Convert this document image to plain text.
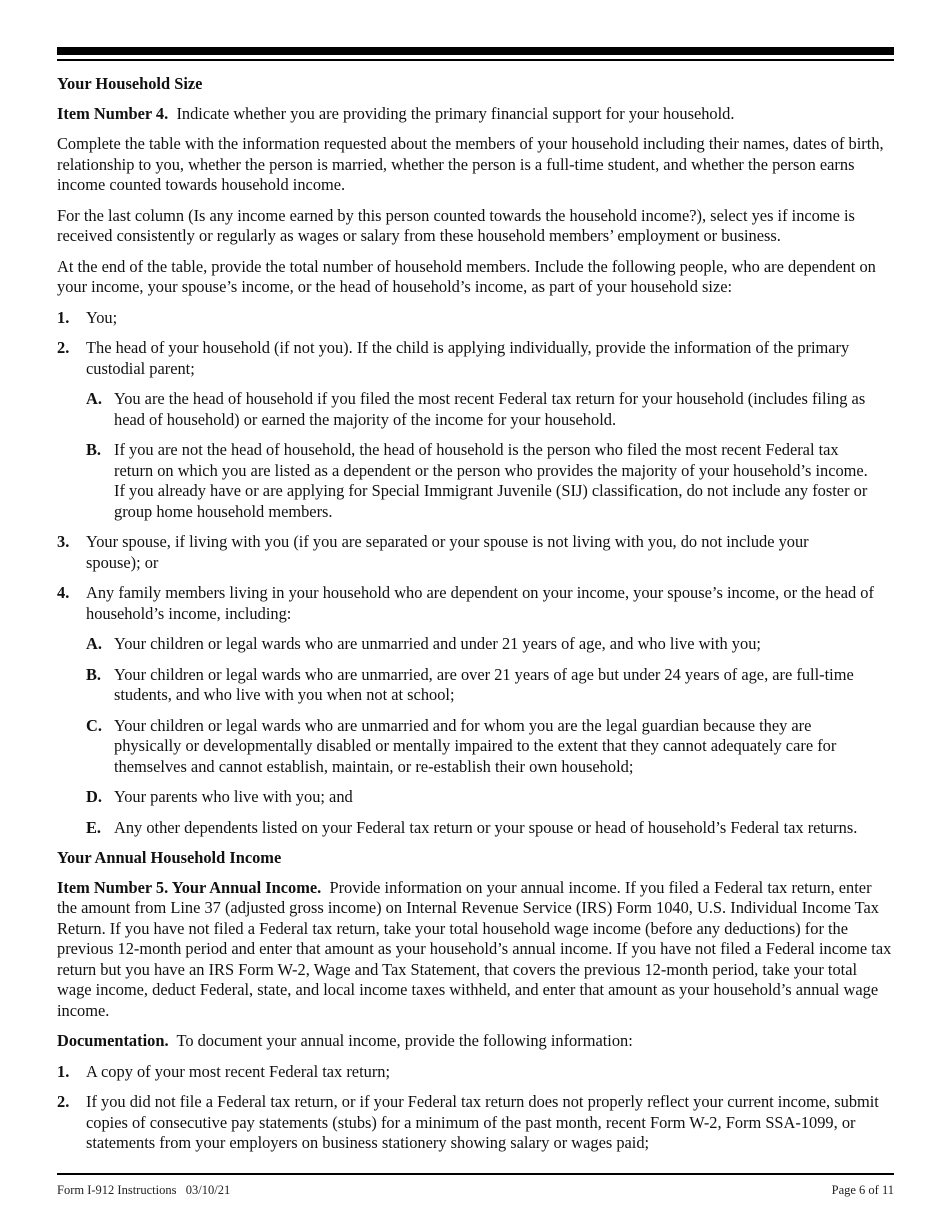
Your Household Size

Item Number 4. Indicate whether you are providing the primary financial support for your household.

Complete the table with the information requested about the members of your household including their names, dates of birth, relationship to you, whether the person is married, whether the person is a full-time student, and whether the person earns income counted towards household income.

For the last column (Is any income earned by this person counted towards the household income?), select yes if income is received consistently or regularly as wages or salary from these household members’ employment or business.

At the end of the table, provide the total number of household members. Include the following people, who are dependent on your income, your spouse’s income, or the head of household’s income, as part of your household size:

1. You;
2. The head of your household (if not you). If the child is applying individually, provide the information of the primary custodial parent;
A. You are the head of household if you filed the most recent Federal tax return for your household (includes filing as head of household) or earned the majority of the income for your household.
B. If you are not the head of household, the head of household is the person who filed the most recent Federal tax return on which you are listed as a dependent or the person who provides the majority of your household’s income. If you already have or are applying for Special Immigrant Juvenile (SIJ) classification, do not include any foster or group home household members.
3. Your spouse, if living with you (if you are separated or your spouse is not living with you, do not include your spouse); or
4. Any family members living in your household who are dependent on your income, your spouse’s income, or the head of household’s income, including:
A. Your children or legal wards who are unmarried and under 21 years of age, and who live with you;
B. Your children or legal wards who are unmarried, are over 21 years of age but under 24 years of age, are full-time students, and who live with you when not at school;
C. Your children or legal wards who are unmarried and for whom you are the legal guardian because they are physically or developmentally disabled or mentally impaired to the extent that they cannot adequately care for themselves and cannot establish, maintain, or re-establish their own household;
D. Your parents who live with you; and
E. Any other dependents listed on your Federal tax return or your spouse or head of household’s Federal tax returns.
Your Annual Household Income

Item Number 5. Your Annual Income. Provide information on your annual income. If you filed a Federal tax return, enter the amount from Line 37 (adjusted gross income) on Internal Revenue Service (IRS) Form 1040, U.S. Individual Income Tax Return. If you have not filed a Federal tax return, take your total household wage income (before any deductions) for the previous 12-month period and enter that amount as your household’s annual income. If you have not filed a Federal income tax return but you have an IRS Form W-2, Wage and Tax Statement, that covers the previous 12-month period, take your total wage income, deduct Federal, state, and local income taxes withheld, and enter that amount as your household’s annual wage income.

Documentation. To document your annual income, provide the following information:

1. A copy of your most recent Federal tax return;
2. If you did not file a Federal tax return, or if your Federal tax return does not properly reflect your current income, submit copies of consecutive pay statements (stubs) for a minimum of the past month, recent Form W-2, Form SSA-1099, or statements from your employers on business stationery showing salary or wages paid;
Form I-912 Instructions   03/10/21	Page 6 of 11
